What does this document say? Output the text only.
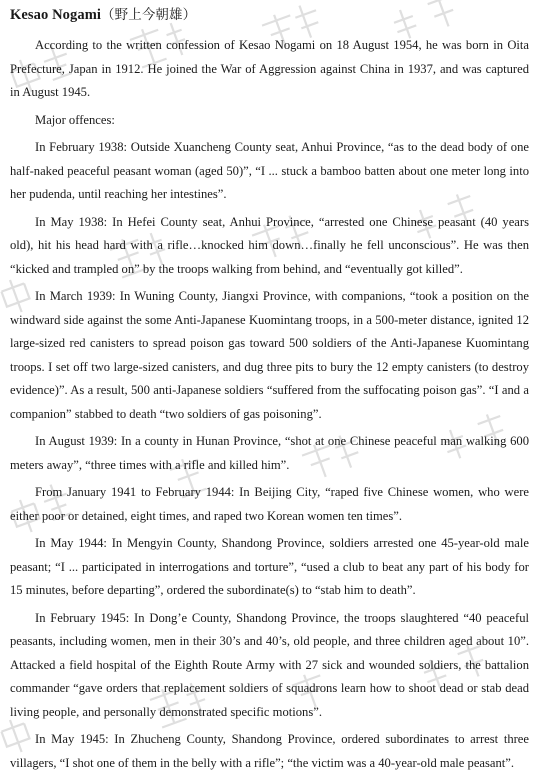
Kesao Nogami（野上今朝雄）

According to the written confession of Kesao Nogami on 18 August 1954, he was born in Oita Prefecture, Japan in 1912. He joined the War of Aggression against China in 1937, and was captured in August 1945.

Major offences:

In February 1938: Outside Xuancheng County seat, Anhui Province, “as to the dead body of one half-naked peaceful peasant woman (aged 50)”, “I ... stuck a bamboo batten about one meter long into her pudenda, until reaching her intestines”.

In May 1938: In Hefei County seat, Anhui Province, “arrested one Chinese peasant (40 years old), hit his head hard with a rifle…knocked him down…finally he fell unconscious”. He was then “kicked and trampled on” by the troops walking from behind, and “eventually got killed”.

In March 1939: In Wuning County, Jiangxi Province, with companions, “took a position on the windward side against the some Anti-Japanese Kuomintang troops, in a 500-meter distance, ignited 12 large-sized red canisters to spread poison gas toward 500 soldiers of the Anti-Japanese Kuomintang troops. I set off two large-sized canisters, and dug three pits to bury the 12 empty canisters (to destroy evidence)”. As a result, 500 anti-Japanese soldiers “suffered from the suffocating poison gas”. “I and a companion” stabbed to death “two soldiers of gas poisoning”.

In August 1939: In a county in Hunan Province, “shot at one Chinese peaceful man walking 600 meters away”, “three times with a rifle and killed him”.

From January 1941 to February 1944: In Beijing City, “raped five Chinese women, who were either poor or detained, eight times, and raped two Korean women ten times”.

In May 1944: In Mengyin County, Shandong Province, soldiers arrested one 45-year-old male peasant; “I ... participated in interrogations and torture”, “used a club to beat any part of his body for 15 minutes, before departing”, ordered the subordinate(s) to “stab him to death”.

In February 1945: In Dong’e County, Shandong Province, the troops slaughtered “40 peaceful peasants, including women, men in their 30’s and 40’s, old people, and three children aged about 10”. Attacked a field hospital of the Eighth Route Army with 27 sick and wounded soldiers, the battalion commander “gave orders that replacement soldiers of squadrons learn how to shoot dead or stab dead living people, and personally demonstrated specific motions”.

In May 1945: In Zhucheng County, Shandong Province, ordered subordinates to arrest three villagers, “I shot one of them in the belly with a rifle”; “the victim was a 40-year-old male peasant”.
